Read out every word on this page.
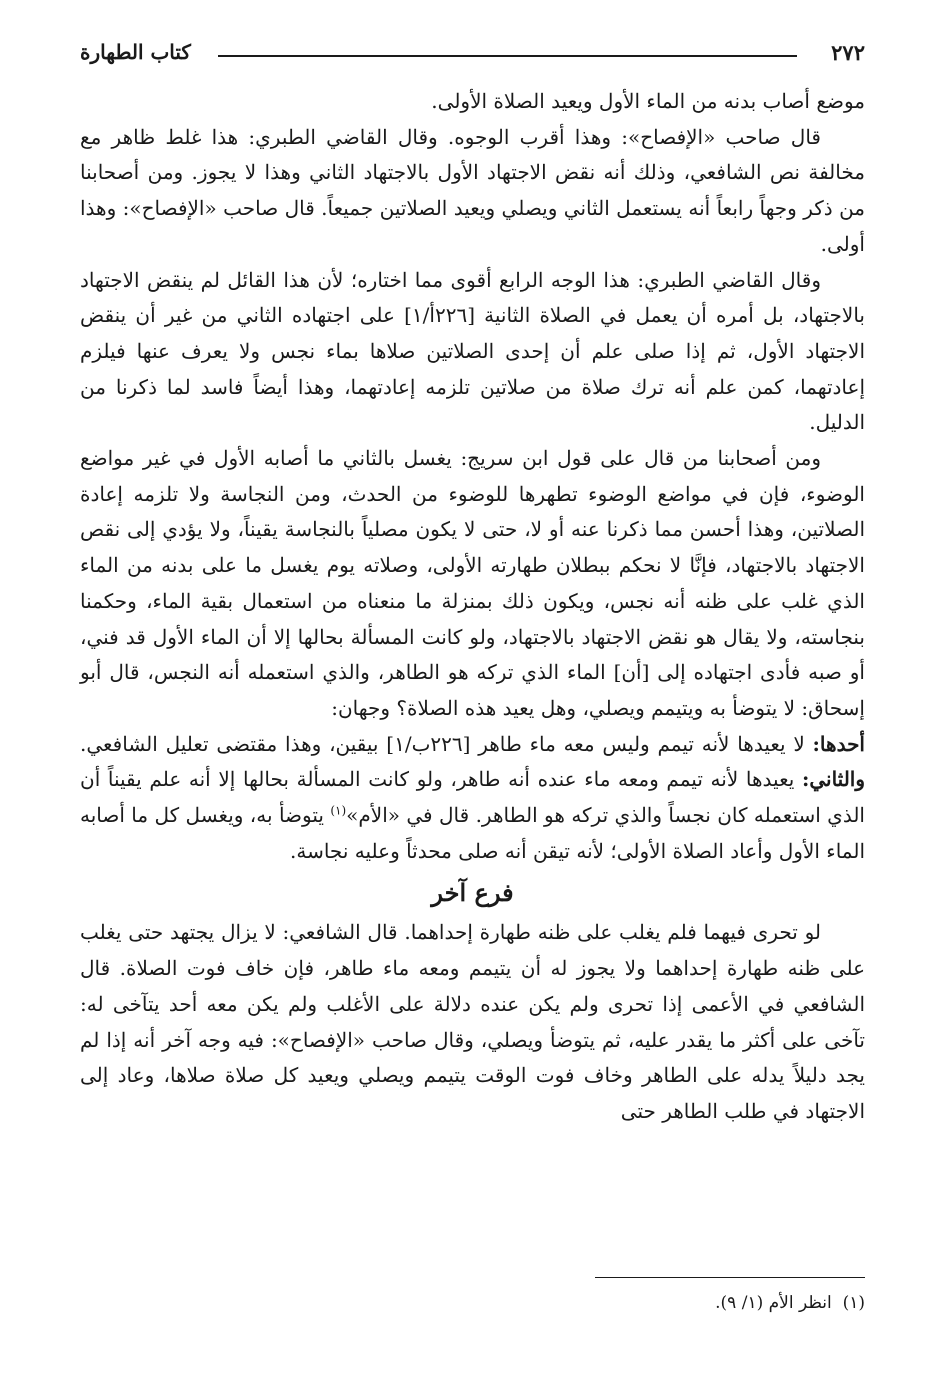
٢٧٢
كتاب الطهارة

موضع أصاب بدنه من الماء الأول ويعيد الصلاة الأولى.

قال صاحب «الإفصاح»: وهذا أقرب الوجوه. وقال القاضي الطبري: هذا غلط ظاهر مع مخالفة نص الشافعي، وذلك أنه نقض الاجتهاد الأول بالاجتهاد الثاني وهذا لا يجوز. ومن أصحابنا من ذكر وجهاً رابعاً أنه يستعمل الثاني ويصلي ويعيد الصلاتين جميعاً. قال صاحب «الإفصاح»: وهذا أولى.

وقال القاضي الطبري: هذا الوجه الرابع أقوى مما اختاره؛ لأن هذا القائل لم ينقض الاجتهاد بالاجتهاد، بل أمره أن يعمل في الصلاة الثانية [٢٢٦أ/١] على اجتهاده الثاني من غير أن ينقض الاجتهاد الأول، ثم إذا صلى علم أن إحدى الصلاتين صلاها بماء نجس ولا يعرف عنها فيلزم إعادتهما، كمن علم أنه ترك صلاة من صلاتين تلزمه إعادتهما، وهذا أيضاً فاسد لما ذكرنا من الدليل.

ومن أصحابنا من قال على قول ابن سريج: يغسل بالثاني ما أصابه الأول في غير مواضع الوضوء، فإن في مواضع الوضوء تطهرها للوضوء من الحدث، ومن النجاسة ولا تلزمه إعادة الصلاتين، وهذا أحسن مما ذكرنا عنه أو لا، حتى لا يكون مصلياً بالنجاسة يقيناً، ولا يؤدي إلى نقص الاجتهاد بالاجتهاد، فإنَّا لا نحكم ببطلان طهارته الأولى، وصلاته يوم يغسل ما على بدنه من الماء الذي غلب على ظنه أنه نجس، ويكون ذلك بمنزلة ما منعناه من استعمال بقية الماء، وحكمنا بنجاسته، ولا يقال هو نقض الاجتهاد بالاجتهاد، ولو كانت المسألة بحالها إلا أن الماء الأول قد فني، أو صبه فأدى اجتهاده إلى [أن] الماء الذي تركه هو الطاهر، والذي استعمله أنه النجس، قال أبو إسحاق: لا يتوضأ به ويتيمم ويصلي، وهل يعيد هذه الصلاة؟ وجهان:

أحدها: لا يعيدها لأنه تيمم وليس معه ماء طاهر [٢٢٦ب/١] بيقين، وهذا مقتضى تعليل الشافعي. والثاني: يعيدها لأنه تيمم ومعه ماء عنده أنه طاهر، ولو كانت المسألة بحالها إلا أنه علم يقيناً أن الذي استعمله كان نجساً والذي تركه هو الطاهر. قال في «الأم»$^{(١)}$ يتوضأ به، ويغسل كل ما أصابه الماء الأول وأعاد الصلاة الأولى؛ لأنه تيقن أنه صلى محدثاً وعليه نجاسة.

فرع آخر

لو تحرى فيهما فلم يغلب على ظنه طهارة إحداهما. قال الشافعي: لا يزال يجتهد حتى يغلب على ظنه طهارة إحداهما ولا يجوز له أن يتيمم ومعه ماء طاهر، فإن خاف فوت الصلاة. قال الشافعي في الأعمى إذا تحرى ولم يكن عنده دلالة على الأغلب ولم يكن معه أحد يتآخى له: تآخى على أكثر ما يقدر عليه، ثم يتوضأ ويصلي، وقال صاحب «الإفصاح»: فيه وجه آخر أنه إذا لم يجد دليلاً يدله على الطاهر وخاف فوت الوقت يتيمم ويصلي ويعيد كل صلاة صلاها، وعاد إلى الاجتهاد في طلب الطاهر حتى

(١)  انظر الأم (١/ ٩).
